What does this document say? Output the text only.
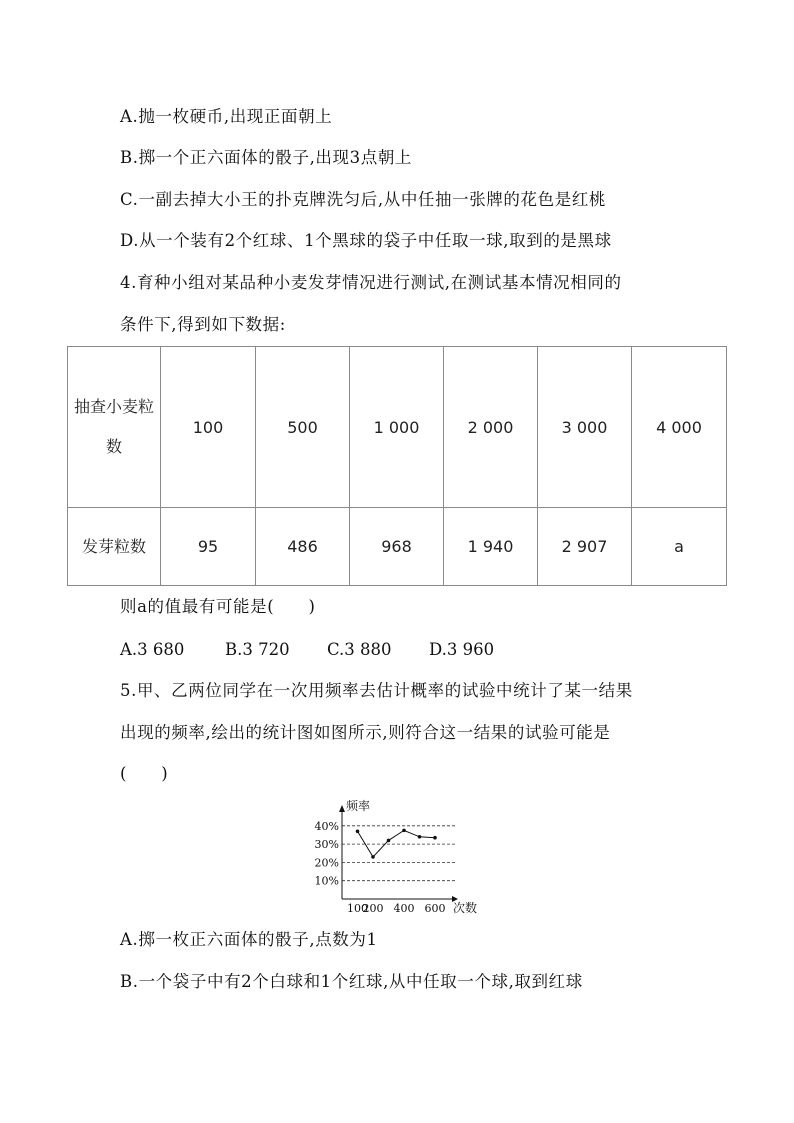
A.抛一枚硬币,出现正面朝上
B.掷一个正六面体的骰子,出现3点朝上
C.一副去掉大小王的扑克牌洗匀后,从中任抽一张牌的花色是红桃
D.从一个装有2个红球、1个黑球的袋子中任取一球,取到的是黑球
4.育种小组对某品种小麦发芽情况进行测试,在测试基本情况相同的
条件下,得到如下数据:
抽查小麦粒
数	100	500	1 000	2 000	3 000	4 000
发芽粒数	95	486	968	1 940	2 907	a
则a的值最有可能是(　　)
A.3 680 B.3 720 C.3 880 D.3 960
5.甲、乙两位同学在一次用频率去估计概率的试验中统计了某一结果
出现的频率,绘出的统计图如图所示,则符合这一结果的试验可能是
(　　)
频率
次数
10%
20%
30%
40%
100
200 400 600
A.掷一枚正六面体的骰子,点数为1
B.一个袋子中有2个白球和1个红球,从中任取一个球,取到红球
